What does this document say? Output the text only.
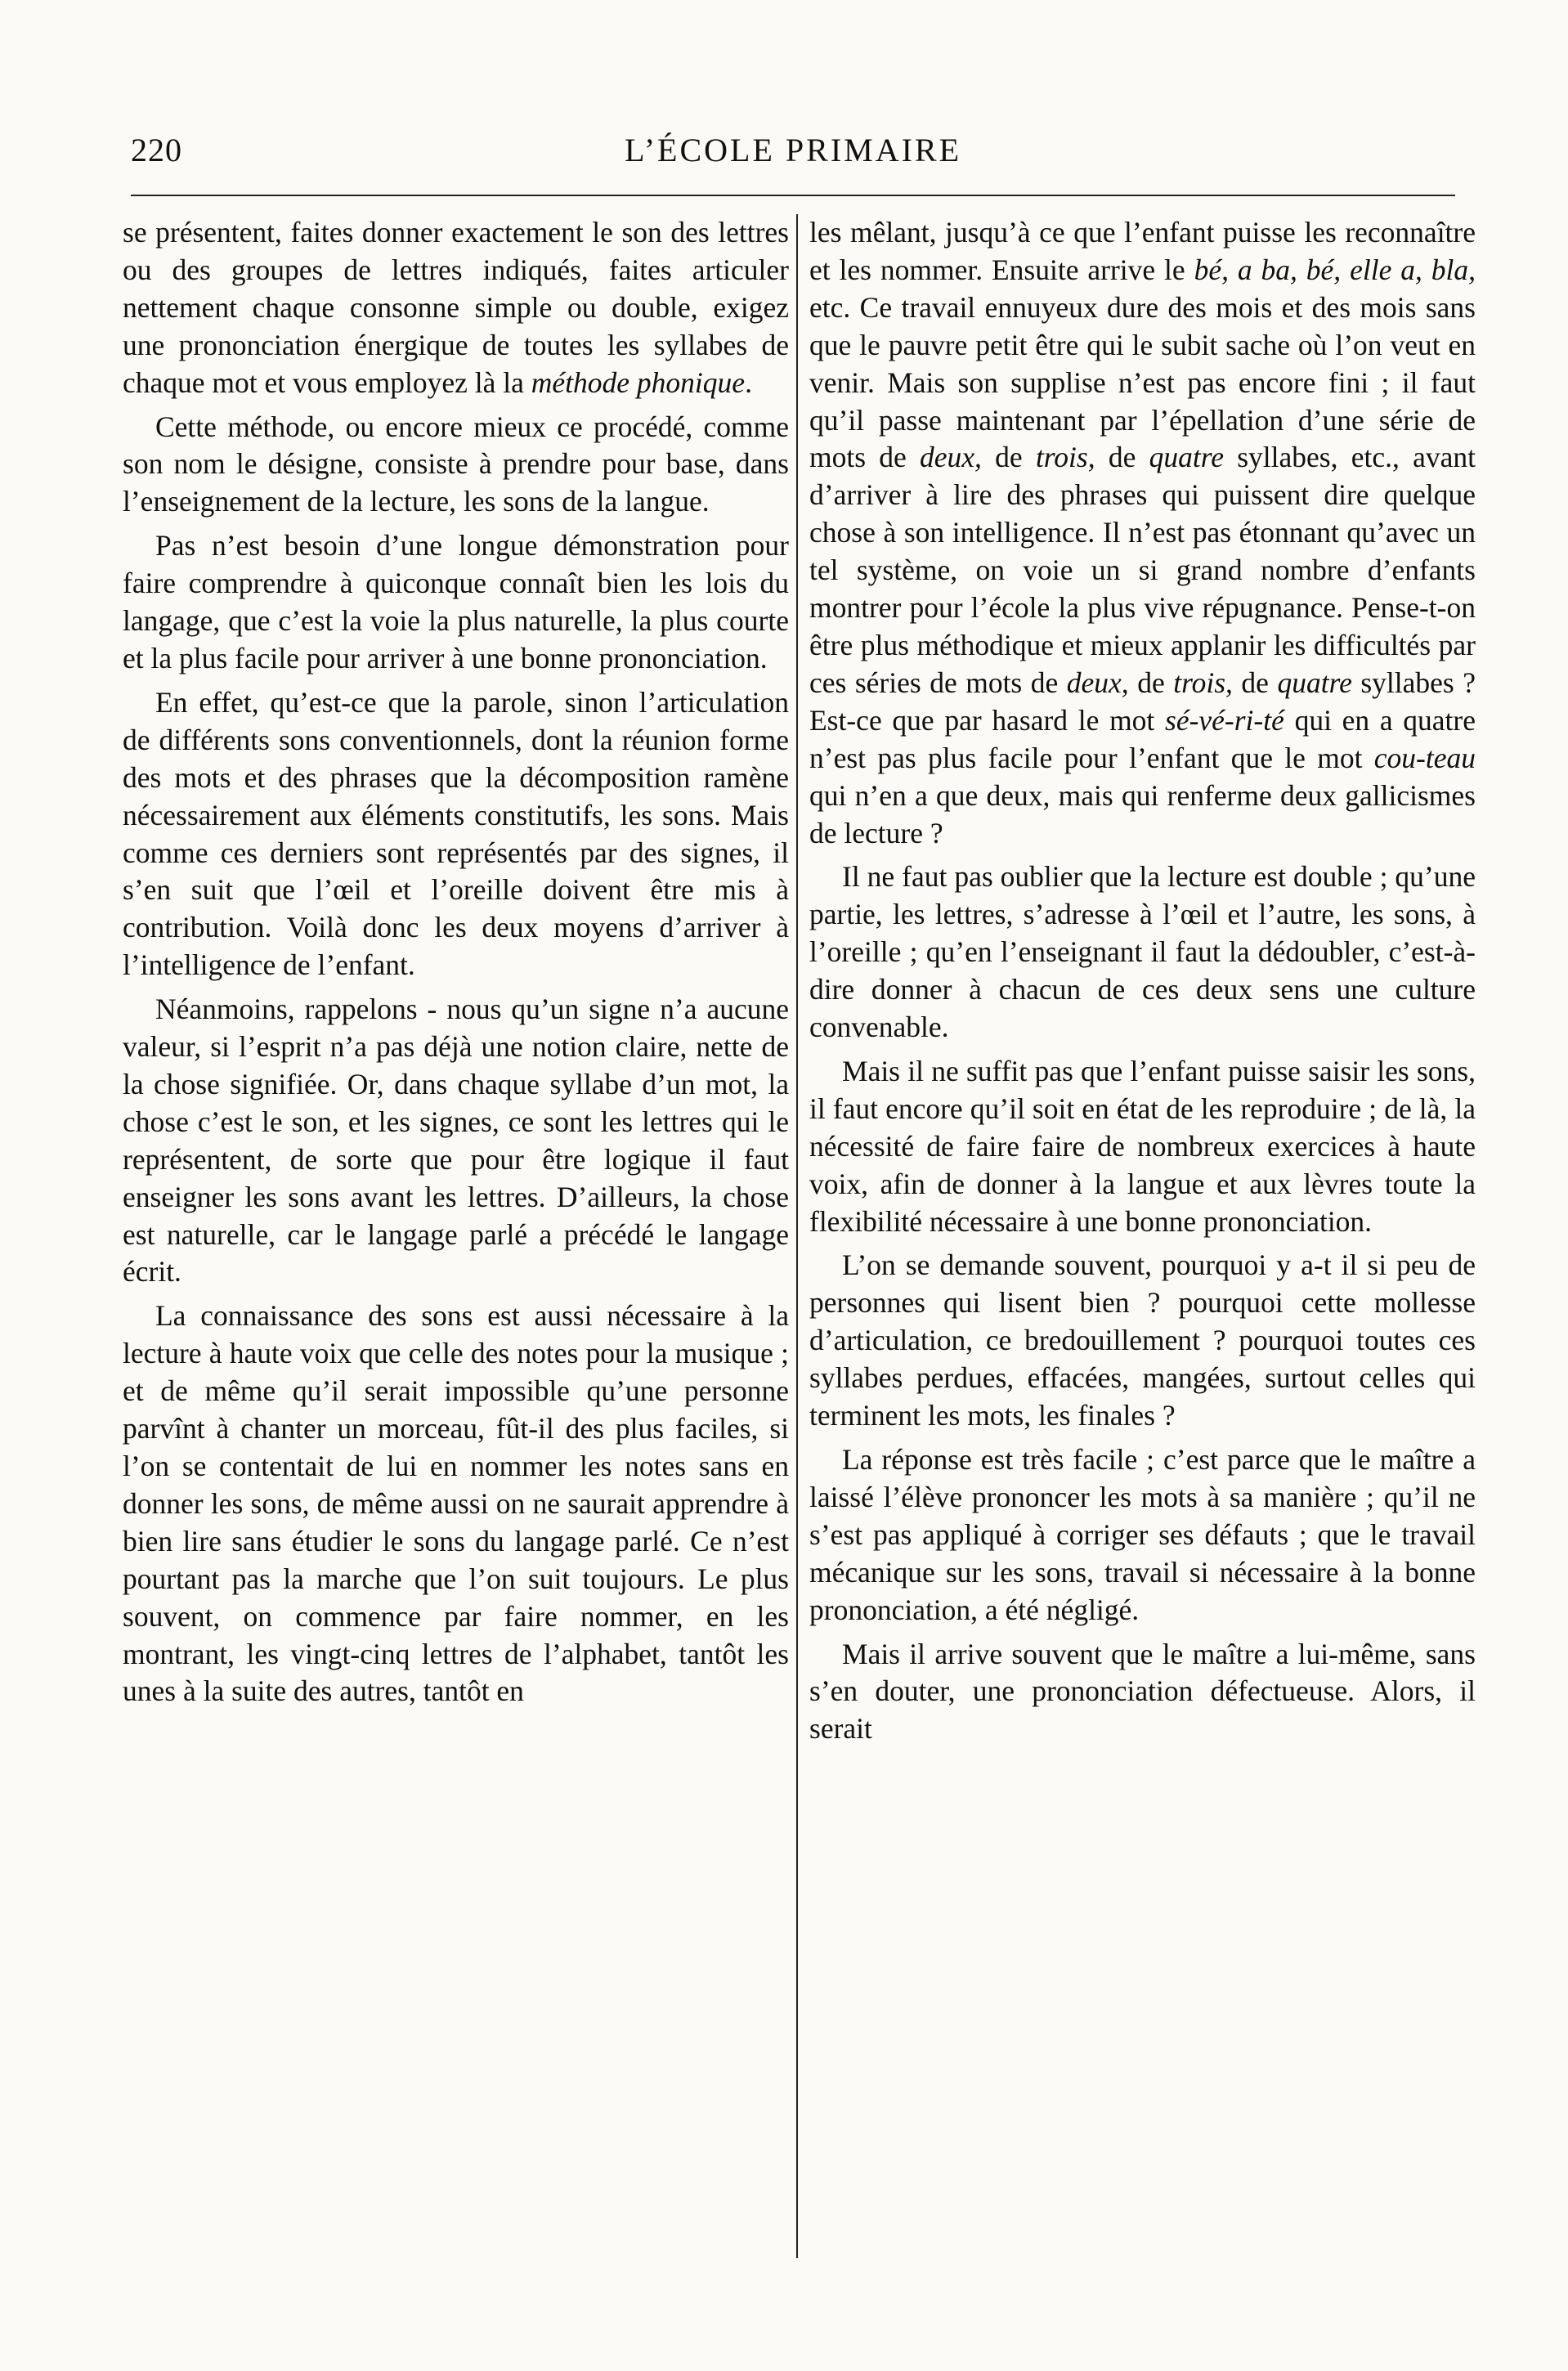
220	L’ÉCOLE PRIMAIRE

se présentent, faites donner exactement le son des lettres ou des groupes de lettres indiqués, faites articuler nettement chaque consonne simple ou double, exigez une prononciation énergique de toutes les syllabes de chaque mot et vous employez là la méthode phonique.

Cette méthode, ou encore mieux ce procédé, comme son nom le désigne, consiste à prendre pour base, dans l’enseignement de la lecture, les sons de la langue.

Pas n’est besoin d’une longue démonstration pour faire comprendre à quiconque connaît bien les lois du langage, que c’est la voie la plus naturelle, la plus courte et la plus facile pour arriver à une bonne prononciation.

En effet, qu’est-ce que la parole, sinon l’articulation de différents sons conventionnels, dont la réunion forme des mots et des phrases que la décomposition ramène nécessairement aux éléments constitutifs, les sons. Mais comme ces derniers sont représentés par des signes, il s’en suit que l’œil et l’oreille doivent être mis à contribution. Voilà donc les deux moyens d’arriver à l’intelligence de l’enfant.

Néanmoins, rappelons - nous qu’un signe n’a aucune valeur, si l’esprit n’a pas déjà une notion claire, nette de la chose signifiée. Or, dans chaque syllabe d’un mot, la chose c’est le son, et les signes, ce sont les lettres qui le représentent, de sorte que pour être logique il faut enseigner les sons avant les lettres. D’ailleurs, la chose est naturelle, car le langage parlé a précédé le langage écrit.

La connaissance des sons est aussi nécessaire à la lecture à haute voix que celle des notes pour la musique ; et de même qu’il serait impossible qu’une personne parvînt à chanter un morceau, fût-il des plus faciles, si l’on se contentait de lui en nommer les notes sans en donner les sons, de même aussi on ne saurait apprendre à bien lire sans étudier le sons du langage parlé. Ce n’est pourtant pas la marche que l’on suit toujours. Le plus souvent, on commence par faire nommer, en les montrant, les vingt-cinq lettres de l’alphabet, tantôt les unes à la suite des autres, tantôt en

les mêlant, jusqu’à ce que l’enfant puisse les reconnaître et les nommer. Ensuite arrive le bé, a ba, bé, elle a, bla, etc. Ce travail ennuyeux dure des mois et des mois sans que le pauvre petit être qui le subit sache où l’on veut en venir. Mais son supplise n’est pas encore fini ; il faut qu’il passe maintenant par l’épellation d’une série de mots de deux, de trois, de quatre syllabes, etc., avant d’arriver à lire des phrases qui puissent dire quelque chose à son intelligence. Il n’est pas étonnant qu’avec un tel système, on voie un si grand nombre d’enfants montrer pour l’école la plus vive répugnance. Pense-t-on être plus méthodique et mieux applanir les difficultés par ces séries de mots de deux, de trois, de quatre syllabes ? Est-ce que par hasard le mot sé-vé-ri-té qui en a quatre n’est pas plus facile pour l’enfant que le mot cou-teau qui n’en a que deux, mais qui renferme deux gallicismes de lecture ?

Il ne faut pas oublier que la lecture est double ; qu’une partie, les lettres, s’adresse à l’œil et l’autre, les sons, à l’oreille ; qu’en l’enseignant il faut la dédoubler, c’est-à-dire donner à chacun de ces deux sens une culture convenable.

Mais il ne suffit pas que l’enfant puisse saisir les sons, il faut encore qu’il soit en état de les reproduire ; de là, la nécessité de faire faire de nombreux exercices à haute voix, afin de donner à la langue et aux lèvres toute la flexibilité nécessaire à une bonne prononciation.

L’on se demande souvent, pourquoi y a-t il si peu de personnes qui lisent bien ? pourquoi cette mollesse d’articulation, ce bredouillement ? pourquoi toutes ces syllabes perdues, effacées, mangées, surtout celles qui terminent les mots, les finales ?

La réponse est très facile ; c’est parce que le maître a laissé l’élève prononcer les mots à sa manière ; qu’il ne s’est pas appliqué à corriger ses défauts ; que le travail mécanique sur les sons, travail si nécessaire à la bonne prononciation, a été négligé.

Mais il arrive souvent que le maître a lui-même, sans s’en douter, une prononciation défectueuse. Alors, il serait
